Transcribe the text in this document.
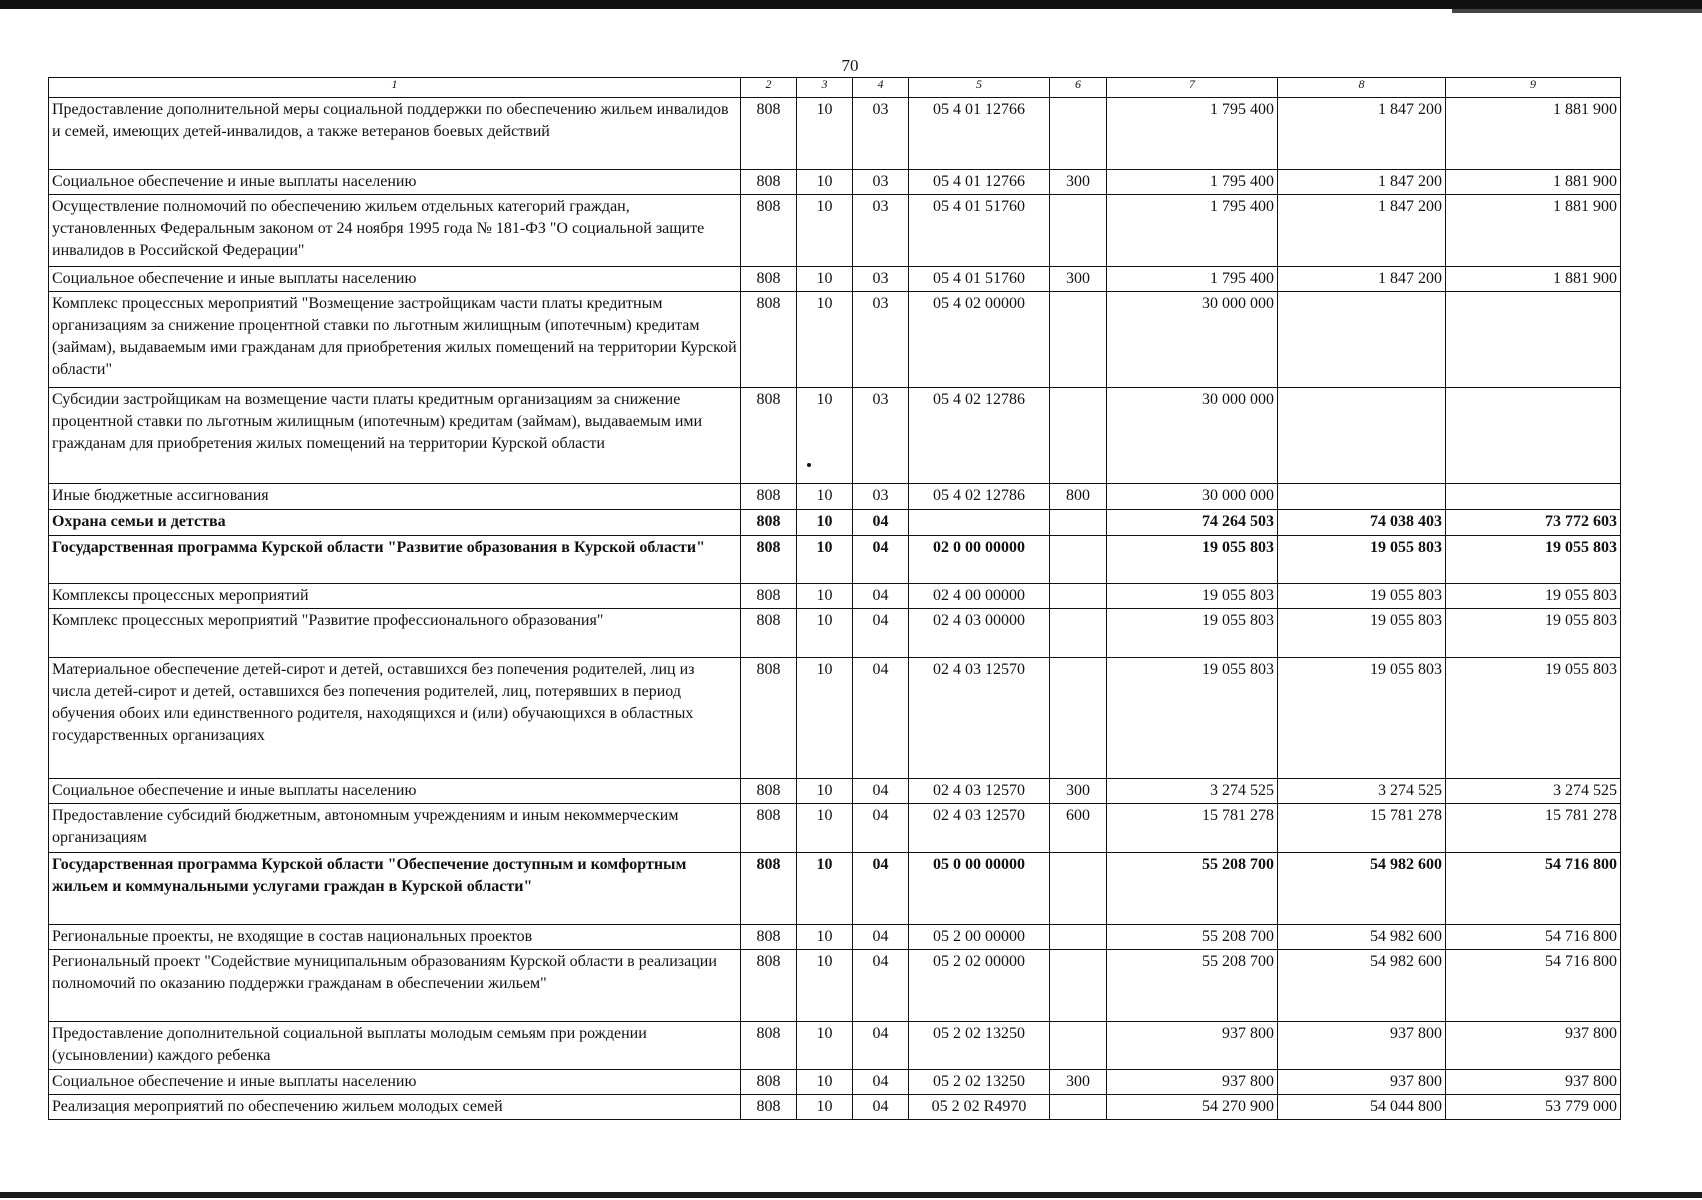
70
1	2	3	4	5	6	7	8	9
Предоставление дополнительной меры социальной поддержки по обеспечению жильем инвалидов и семей, имеющих детей-инвалидов, а также ветеранов боевых действий	808	10	03	05 4 01 12766		1 795 400	1 847 200	1 881 900
Социальное обеспечение и иные выплаты населению	808	10	03	05 4 01 12766	300	1 795 400	1 847 200	1 881 900
Осуществление полномочий по обеспечению жильем отдельных категорий граждан, установленных Федеральным законом от 24 ноября 1995 года № 181-ФЗ "О социальной защите инвалидов в Российской Федерации"	808	10	03	05 4 01 51760		1 795 400	1 847 200	1 881 900
Социальное обеспечение и иные выплаты населению	808	10	03	05 4 01 51760	300	1 795 400	1 847 200	1 881 900
Комплекс процессных мероприятий "Возмещение застройщикам части платы кредитным организациям за снижение процентной ставки по льготным жилищным (ипотечным) кредитам (займам), выдаваемым ими гражданам для приобретения жилых помещений на территории Курской области"	808	10	03	05 4 02 00000		30 000 000		
Субсидии застройщикам на возмещение части платы кредитным организациям за снижение процентной ставки по льготным жилищным (ипотечным) кредитам (займам), выдаваемым ими гражданам для приобретения жилых помещений на территории Курской области	808	10	03	05 4 02 12786		30 000 000		
Иные бюджетные ассигнования	808	10	03	05 4 02 12786	800	30 000 000		
Охрана семьи и детства	808	10	04			74 264 503	74 038 403	73 772 603
Государственная программа Курской области "Развитие образования в Курской области"	808	10	04	02 0 00 00000		19 055 803	19 055 803	19 055 803
Комплексы процессных мероприятий	808	10	04	02 4 00 00000		19 055 803	19 055 803	19 055 803
Комплекс процессных мероприятий "Развитие профессионального образования"	808	10	04	02 4 03 00000		19 055 803	19 055 803	19 055 803
Материальное обеспечение детей-сирот и детей, оставшихся без попечения родителей, лиц из числа детей-сирот и детей, оставшихся без попечения родителей, лиц, потерявших в период обучения обоих или единственного родителя, находящихся и (или) обучающихся в областных государственных организациях	808	10	04	02 4 03 12570		19 055 803	19 055 803	19 055 803
Социальное обеспечение и иные выплаты населению	808	10	04	02 4 03 12570	300	3 274 525	3 274 525	3 274 525
Предоставление субсидий бюджетным, автономным учреждениям и иным некоммерческим организациям	808	10	04	02 4 03 12570	600	15 781 278	15 781 278	15 781 278
Государственная программа Курской области "Обеспечение доступным и комфортным жильем и коммунальными услугами граждан в Курской области"	808	10	04	05 0 00 00000		55 208 700	54 982 600	54 716 800
Региональные проекты, не входящие в состав национальных проектов	808	10	04	05 2 00 00000		55 208 700	54 982 600	54 716 800
Региональный проект "Содействие муниципальным образованиям Курской области в реализации полномочий по оказанию поддержки гражданам в обеспечении жильем"	808	10	04	05 2 02 00000		55 208 700	54 982 600	54 716 800
Предоставление дополнительной социальной выплаты молодым семьям при рождении (усыновлении) каждого ребенка	808	10	04	05 2 02 13250		937 800	937 800	937 800
Социальное обеспечение и иные выплаты населению	808	10	04	05 2 02 13250	300	937 800	937 800	937 800
Реализация мероприятий по обеспечению жильем молодых семей	808	10	04	05 2 02 R4970		54 270 900	54 044 800	53 779 000
